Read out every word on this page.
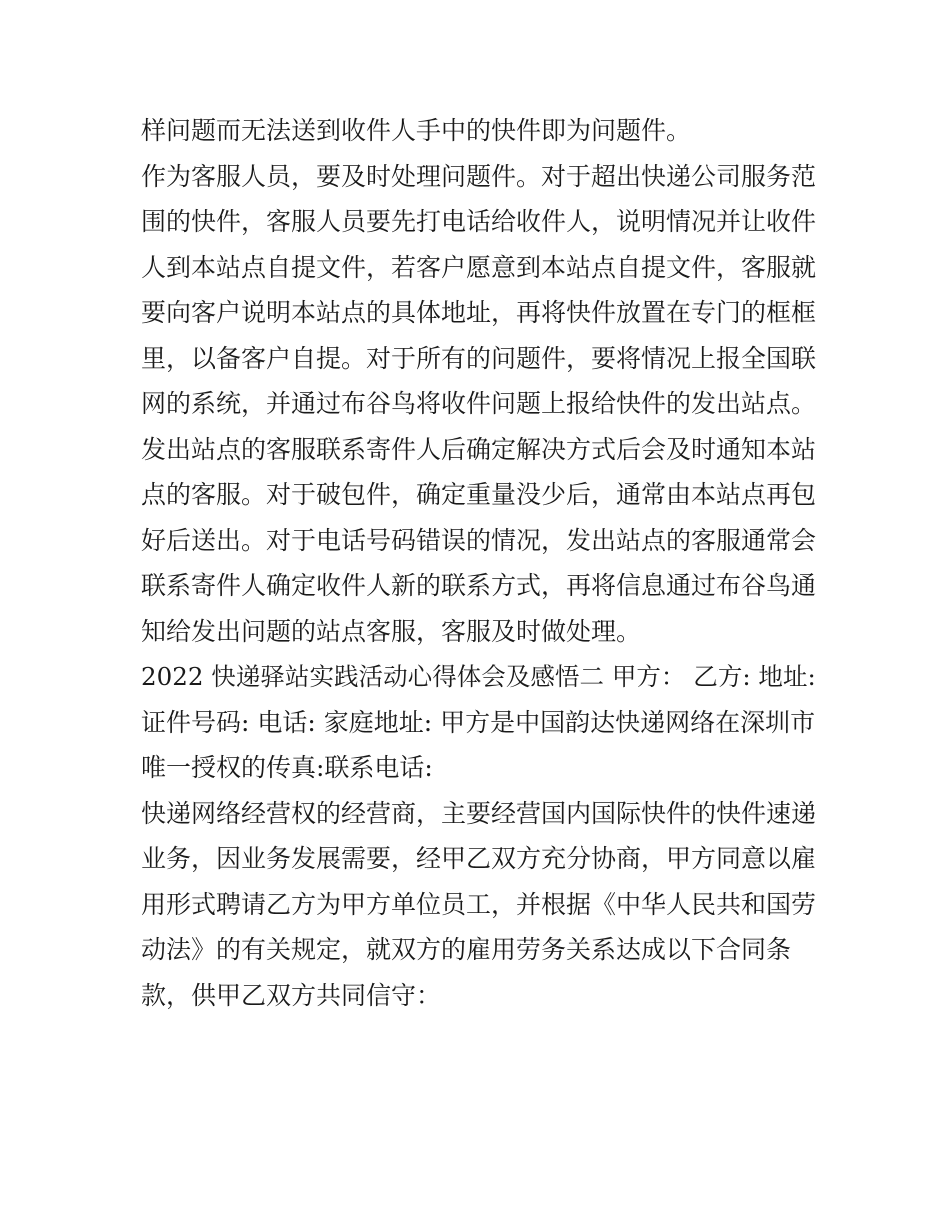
样问题而无法送到收件人手中的快件即为问题件。
作为客服人员，要及时处理问题件。对于超出快递公司服务范
围的快件，客服人员要先打电话给收件人，说明情况并让收件
人到本站点自提文件，若客户愿意到本站点自提文件，客服就
要向客户说明本站点的具体地址，再将快件放置在专门的框框
里，以备客户自提。对于所有的问题件，要将情况上报全国联
网的系统，并通过布谷鸟将收件问题上报给快件的发出站点。
发出站点的客服联系寄件人后确定解决方式后会及时通知本站
点的客服。对于破包件，确定重量没少后，通常由本站点再包
好后送出。对于电话号码错误的情况，发出站点的客服通常会
联系寄件人确定收件人新的联系方式，再将信息通过布谷鸟通
知给发出问题的站点客服，客服及时做处理。
2022 快递驿站实践活动心得体会及感悟二 甲方： 乙方: 地址:
证件号码: 电话: 家庭地址: 甲方是中国韵达快递网络在深圳市
唯一授权的传真:联系电话:
快递网络经营权的经营商，主要经营国内国际快件的快件速递
业务，因业务发展需要，经甲乙双方充分协商，甲方同意以雇
用形式聘请乙方为甲方单位员工，并根据《中华人民共和国劳
动法》的有关规定，就双方的雇用劳务关系达成以下合同条
款，供甲乙双方共同信守：
